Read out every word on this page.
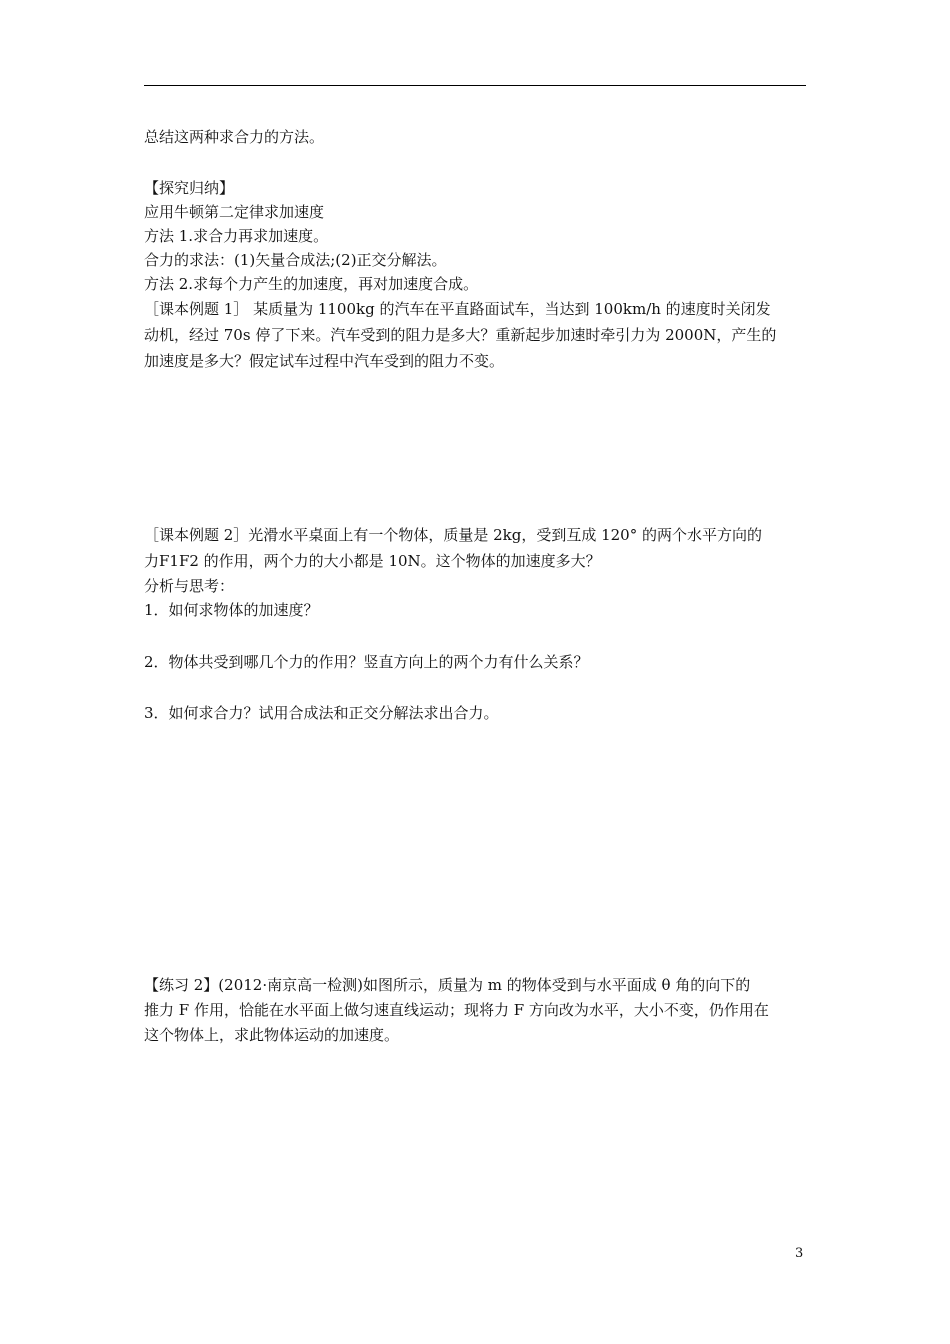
总结这两种求合力的方法。
【探究归纳】
应用牛顿第二定律求加速度
方法 1.求合力再求加速度。
合力的求法：(1)矢量合成法;(2)正交分解法。
方法 2.求每个力产生的加速度，再对加速度合成。
［课本例题 1］ 某质量为 1100kg 的汽车在平直路面试车，当达到 100km/h 的速度时关闭发
动机，经过 70s 停了下来。汽车受到的阻力是多大？重新起步加速时牵引力为 2000N，产生的
加速度是多大？假定试车过程中汽车受到的阻力不变。
［课本例题 2］光滑水平桌面上有一个物体，质量是 2kg，受到互成 120° 的两个水平方向的
力F1F2 的作用，两个力的大小都是 10N。这个物体的加速度多大？
分析与思考：
1．如何求物体的加速度？
2．物体共受到哪几个力的作用？竖直方向上的两个力有什么关系？
3．如何求合力？试用合成法和正交分解法求出合力。
【练习 2】(2012·南京高一检测)如图所示，质量为 m 的物体受到与水平面成 θ 角的向下的
推力 F 作用，恰能在水平面上做匀速直线运动；现将力 F 方向改为水平，大小不变，仍作用在
这个物体上，求此物体运动的加速度。
3
